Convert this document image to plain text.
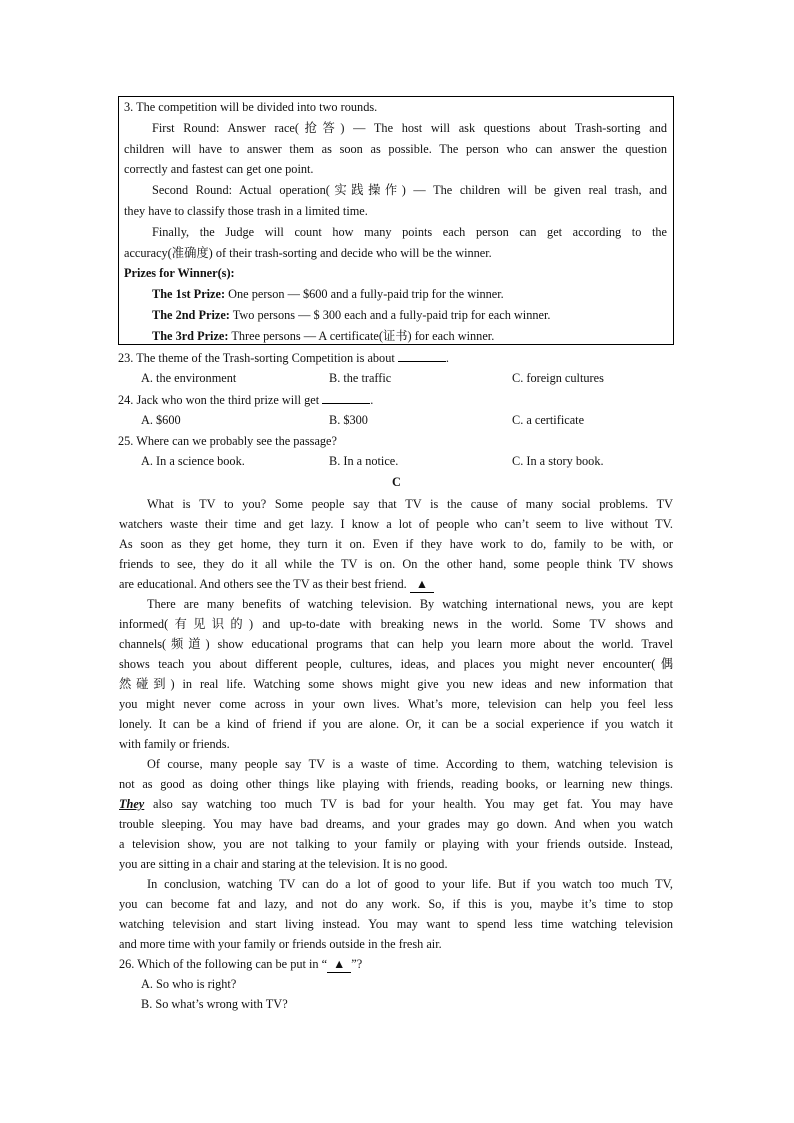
3. The competition will be divided into two rounds.
First Round: Answer race(抢答) — The host will ask questions about Trash-sorting and
children will have to answer them as soon as possible. The person who can answer the question
correctly and fastest can get one point.
Second Round: Actual operation(实践操作) — The children will be given real trash, and
they have to classify those trash in a limited time.
Finally, the Judge will count how many points each person can get according to the
accuracy(准确度) of their trash-sorting and decide who will be the winner.
Prizes for Winner(s):
The 1st Prize: One person — $600 and a fully-paid trip for the winner.
The 2nd Prize: Two persons — $ 300 each and a fully-paid trip for each winner.
The 3rd Prize: Three persons — A certificate(证书) for each winner.
23. The theme of the Trash-sorting Competition is about	.
A. the environment	B. the traffic	C. foreign cultures
24. Jack who won the third prize will get	.
A. $600	B. $300	C. a certificate
25. Where can we probably see the passage?
A. In a science book.	B. In a notice.	C. In a story book.
C
What is TV to you? Some people say that TV is the cause of many social problems. TV
watchers waste their time and get lazy. I know a lot of people who can’t seem to live without TV.
As soon as they get home, they turn it on. Even if they have work to do, family to be with, or
friends to see, they do it all while the TV is on. On the other hand, some people think TV shows
are educational. And others see the TV as their best friend. ▲
There are many benefits of watching television. By watching international news, you are kept
informed(有见识的) and up-to-date with breaking news in the world. Some TV shows and
channels(频道) show educational programs that can help you learn more about the world. Travel
shows teach you about different people, cultures, ideas, and places you might never encounter(偶
然碰到) in real life. Watching some shows might give you new ideas and new information that
you might never come across in your own lives. What’s more, television can help you feel less
lonely. It can be a kind of friend if you are alone. Or, it can be a social experience if you watch it
with family or friends.
Of course, many people say TV is a waste of time. According to them, watching television is
not as good as doing other things like playing with friends, reading books, or learning new things.
They also say watching too much TV is bad for your health. You may get fat. You may have
trouble sleeping. You may have bad dreams, and your grades may go down. And when you watch
a television show, you are not talking to your family or playing with your friends outside. Instead,
you are sitting in a chair and staring at the television. It is no good.
In conclusion, watching TV can do a lot of good to your life. But if you watch too much TV,
you can become fat and lazy, and not do any work. So, if this is you, maybe it’s time to stop
watching television and start living instead. You may want to spend less time watching television
and more time with your family or friends outside in the fresh air.
26. Which of the following can be put in “ ▲ ”?
A. So who is right?
B. So what’s wrong with TV?
